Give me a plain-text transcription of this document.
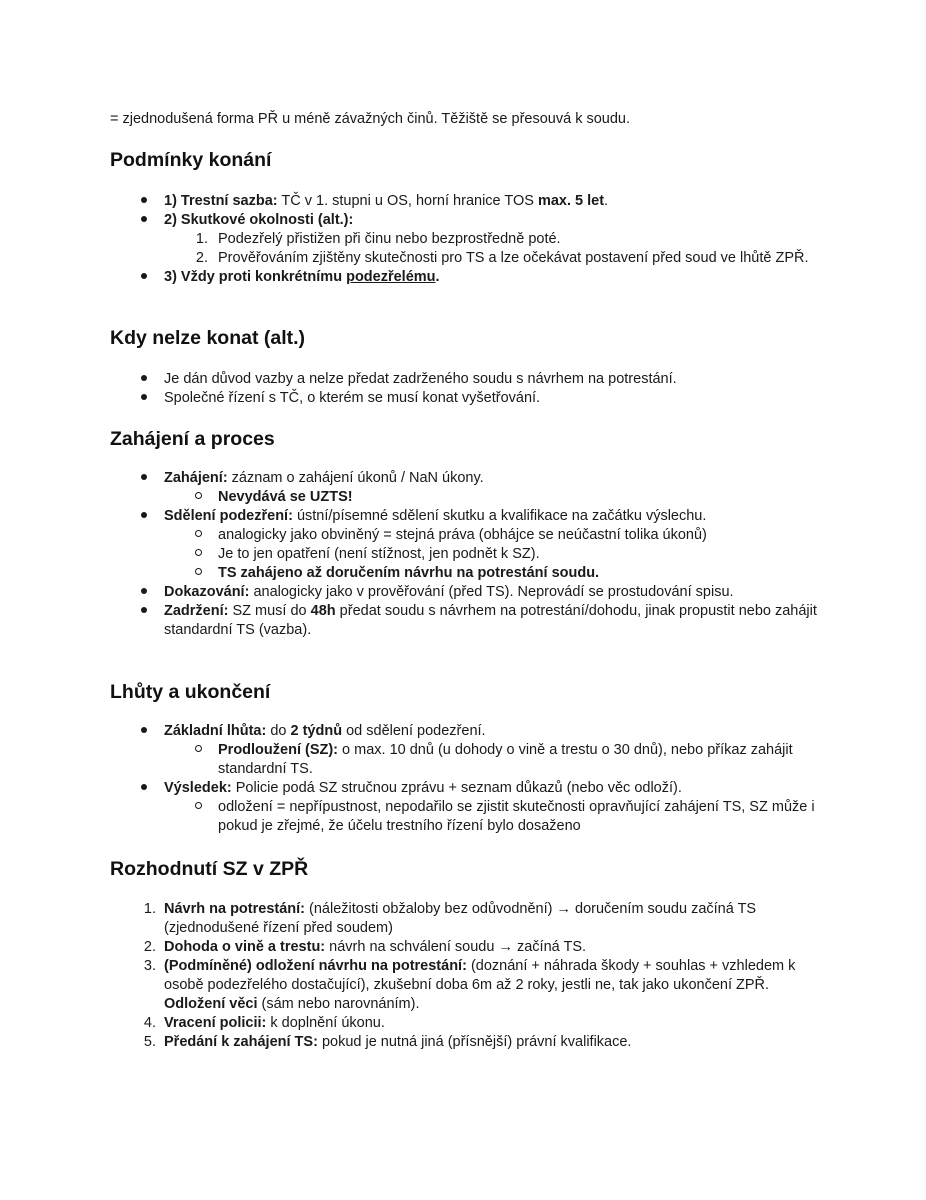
= zjednodušená forma PŘ u méně závažných činů. Těžiště se přesouvá k soudu.

Podmínky konání
1) Trestní sazba: TČ v 1. stupni u OS, horní hranice TOS max. 5 let.
2) Skutkové okolnosti (alt.):
1. Podezřelý přistižen při činu nebo bezprostředně poté.
2. Prověřováním zjištěny skutečnosti pro TS a lze očekávat postavení před soud ve lhůtě ZPŘ.
3) Vždy proti konkrétnímu podezřelému.
Kdy nelze konat (alt.)
Je dán důvod vazby a nelze předat zadrženého soudu s návrhem na potrestání.
Společné řízení s TČ, o kterém se musí konat vyšetřování.
Zahájení a proces
Zahájení: záznam o zahájení úkonů / NaN úkony.
Nevydává se UZTS!
Sdělení podezření: ústní/písemné sdělení skutku a kvalifikace na začátku výslechu.
analogicky jako obviněný = stejná práva (obhájce se neúčastní tolika úkonů)
Je to jen opatření (není stížnost, jen podnět k SZ).
TS zahájeno až doručením návrhu na potrestání soudu.
Dokazování: analogicky jako v prověřování (před TS). Neprovádí se prostudování spisu.
Zadržení: SZ musí do 48h předat soudu s návrhem na potrestání/dohodu, jinak propustit nebo zahájit standardní TS (vazba).
Lhůty a ukončení
Základní lhůta: do 2 týdnů od sdělení podezření.
Prodloužení (SZ): o max. 10 dnů (u dohody o vině a trestu o 30 dnů), nebo příkaz zahájit standardní TS.
Výsledek: Policie podá SZ stručnou zprávu + seznam důkazů (nebo věc odloží).
odložení = nepřípustnost, nepodařilo se zjistit skutečnosti opravňující zahájení TS, SZ může i pokud je zřejmé, že účelu trestního řízení bylo dosaženo
Rozhodnutí SZ v ZPŘ
1. Návrh na potrestání: (náležitosti obžaloby bez odůvodnění) → doručením soudu začíná TS (zjednodušené řízení před soudem)
2. Dohoda o vině a trestu: návrh na schválení soudu → začíná TS.
3. (Podmíněné) odložení návrhu na potrestání: (doznání + náhrada škody + souhlas + vzhledem k osobě podezřelého dostačující), zkušební doba 6m až 2 roky, jestli ne, tak jako ukončení ZPŘ. Odložení věci (sám nebo narovnáním).
4. Vracení policii: k doplnění úkonu.
5. Předání k zahájení TS: pokud je nutná jiná (přísnější) právní kvalifikace.
